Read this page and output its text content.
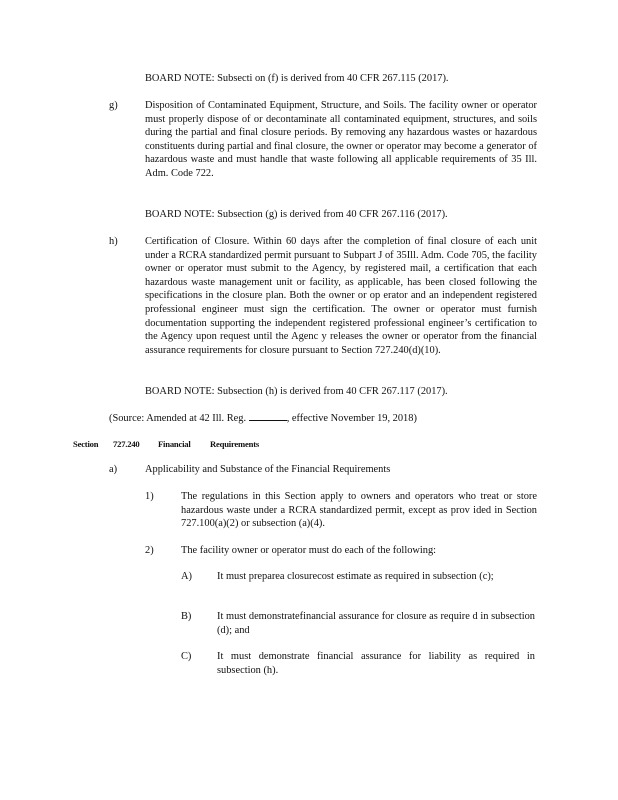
BOARD NOTE: Subsecti on (f) is derived from 40 CFR 267.115 (2017).

g)	Disposition of Contaminated Equipment, Structure, and Soils. The facility owner or operator must properly dispose of or decontaminate all contaminated equipment, structures, and soils during the partial and final closure periods. By removing any hazardous wastes or hazardous constituents during partial and final closure, the owner or operator may become a generator of hazardous waste and must handle that waste following all applicable requirements of 35 Ill. Adm. Code 722.

BOARD NOTE: Subsection (g) is derived from 40 CFR 267.116 (2017).

h)	Certification of Closure. Within 60 days after the completion of final closure of each unit under a RCRA standardized permit pursuant to Subpart J of 35Ill. Adm. Code 705, the facility owner or operator must submit to the Agency, by registered mail, a certification that each hazardous waste management unit or facility, as applicable, has been closed following the specifications in the closure plan. Both the owner or op erator and an independent registered professional engineer must sign the certification. The owner or operator must furnish documentation supporting the independent registered professional engineer’s certification to the Agency upon request until the Agenc y releases the owner or operator from the financial assurance requirements for closure pursuant to Section 727.240(d)(10).

BOARD NOTE: Subsection (h) is derived from 40 CFR 267.117 (2017).

(Source: Amended at 42 Ill. Reg.	, effective November 19, 2018)

Section 727.240 Financial Requirements
a)	Applicability and Substance of the Financial Requirements

1)	The regulations in this Section apply to owners and operators who treat or store hazardous waste under a RCRA standardized permit, except as prov ided in Section 727.100(a)(2) or subsection (a)(4).

2)	The facility owner or operator must do each of the following:

A) It must preparea closurecost estimate as required in subsection (c);

B) It must demonstratefinancial assurance for closure as require d in subsection (d); and

C) It must demonstrate financial assurance for liability as required in subsection (h).
